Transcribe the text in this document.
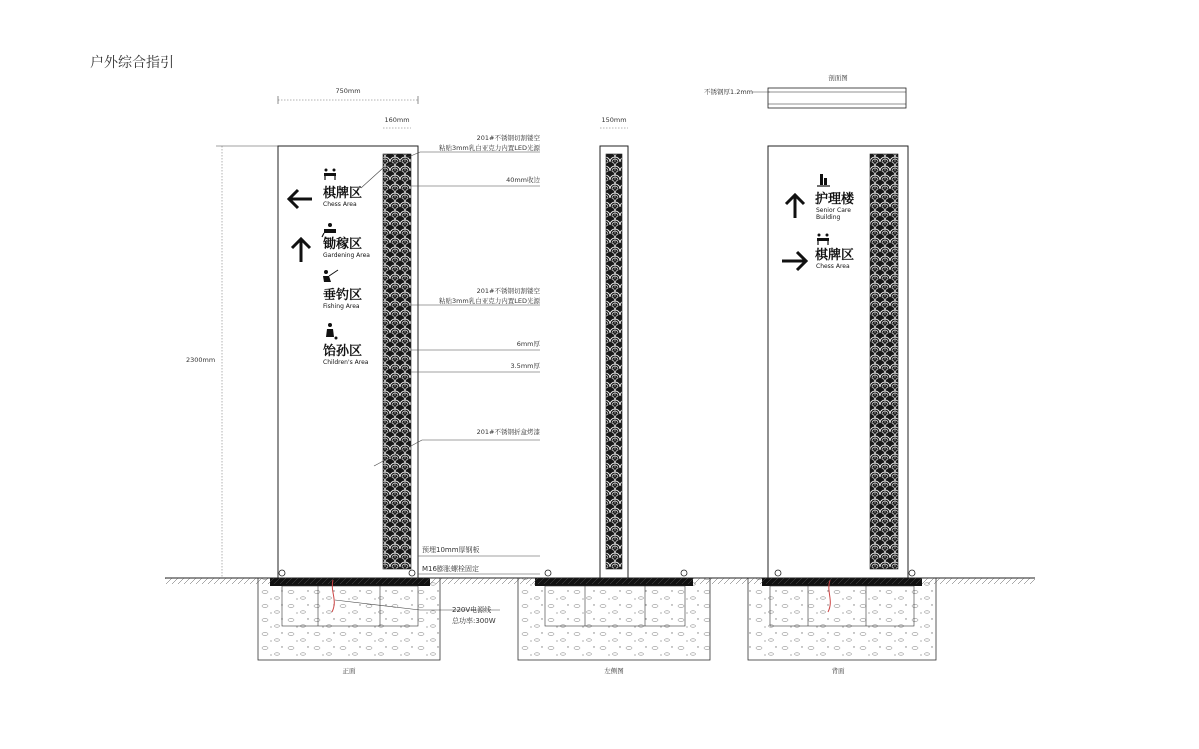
户外综合指引
750mm
160mm
2300mm
棋牌区
Chess Area
锄稼区
Gardening Area
垂钓区
Fishing Area
饴孙区
Children's Area
201#不锈钢切割镂空
粘贴3mm乳白亚克力内置LED光源
40mm收边
201#不锈钢切割镂空
粘贴3mm乳白亚克力内置LED光源
6mm厚
3.5mm厚
201#不锈钢折盒烤漆
预埋10mm厚钢板
M16膨胀螺栓固定
220V电源线
总功率:300W
正面
150mm
左侧图
剖面图
不锈钢厚1.2mm
护理楼
Senior Care
Building
棋牌区
Chess Area
背面
